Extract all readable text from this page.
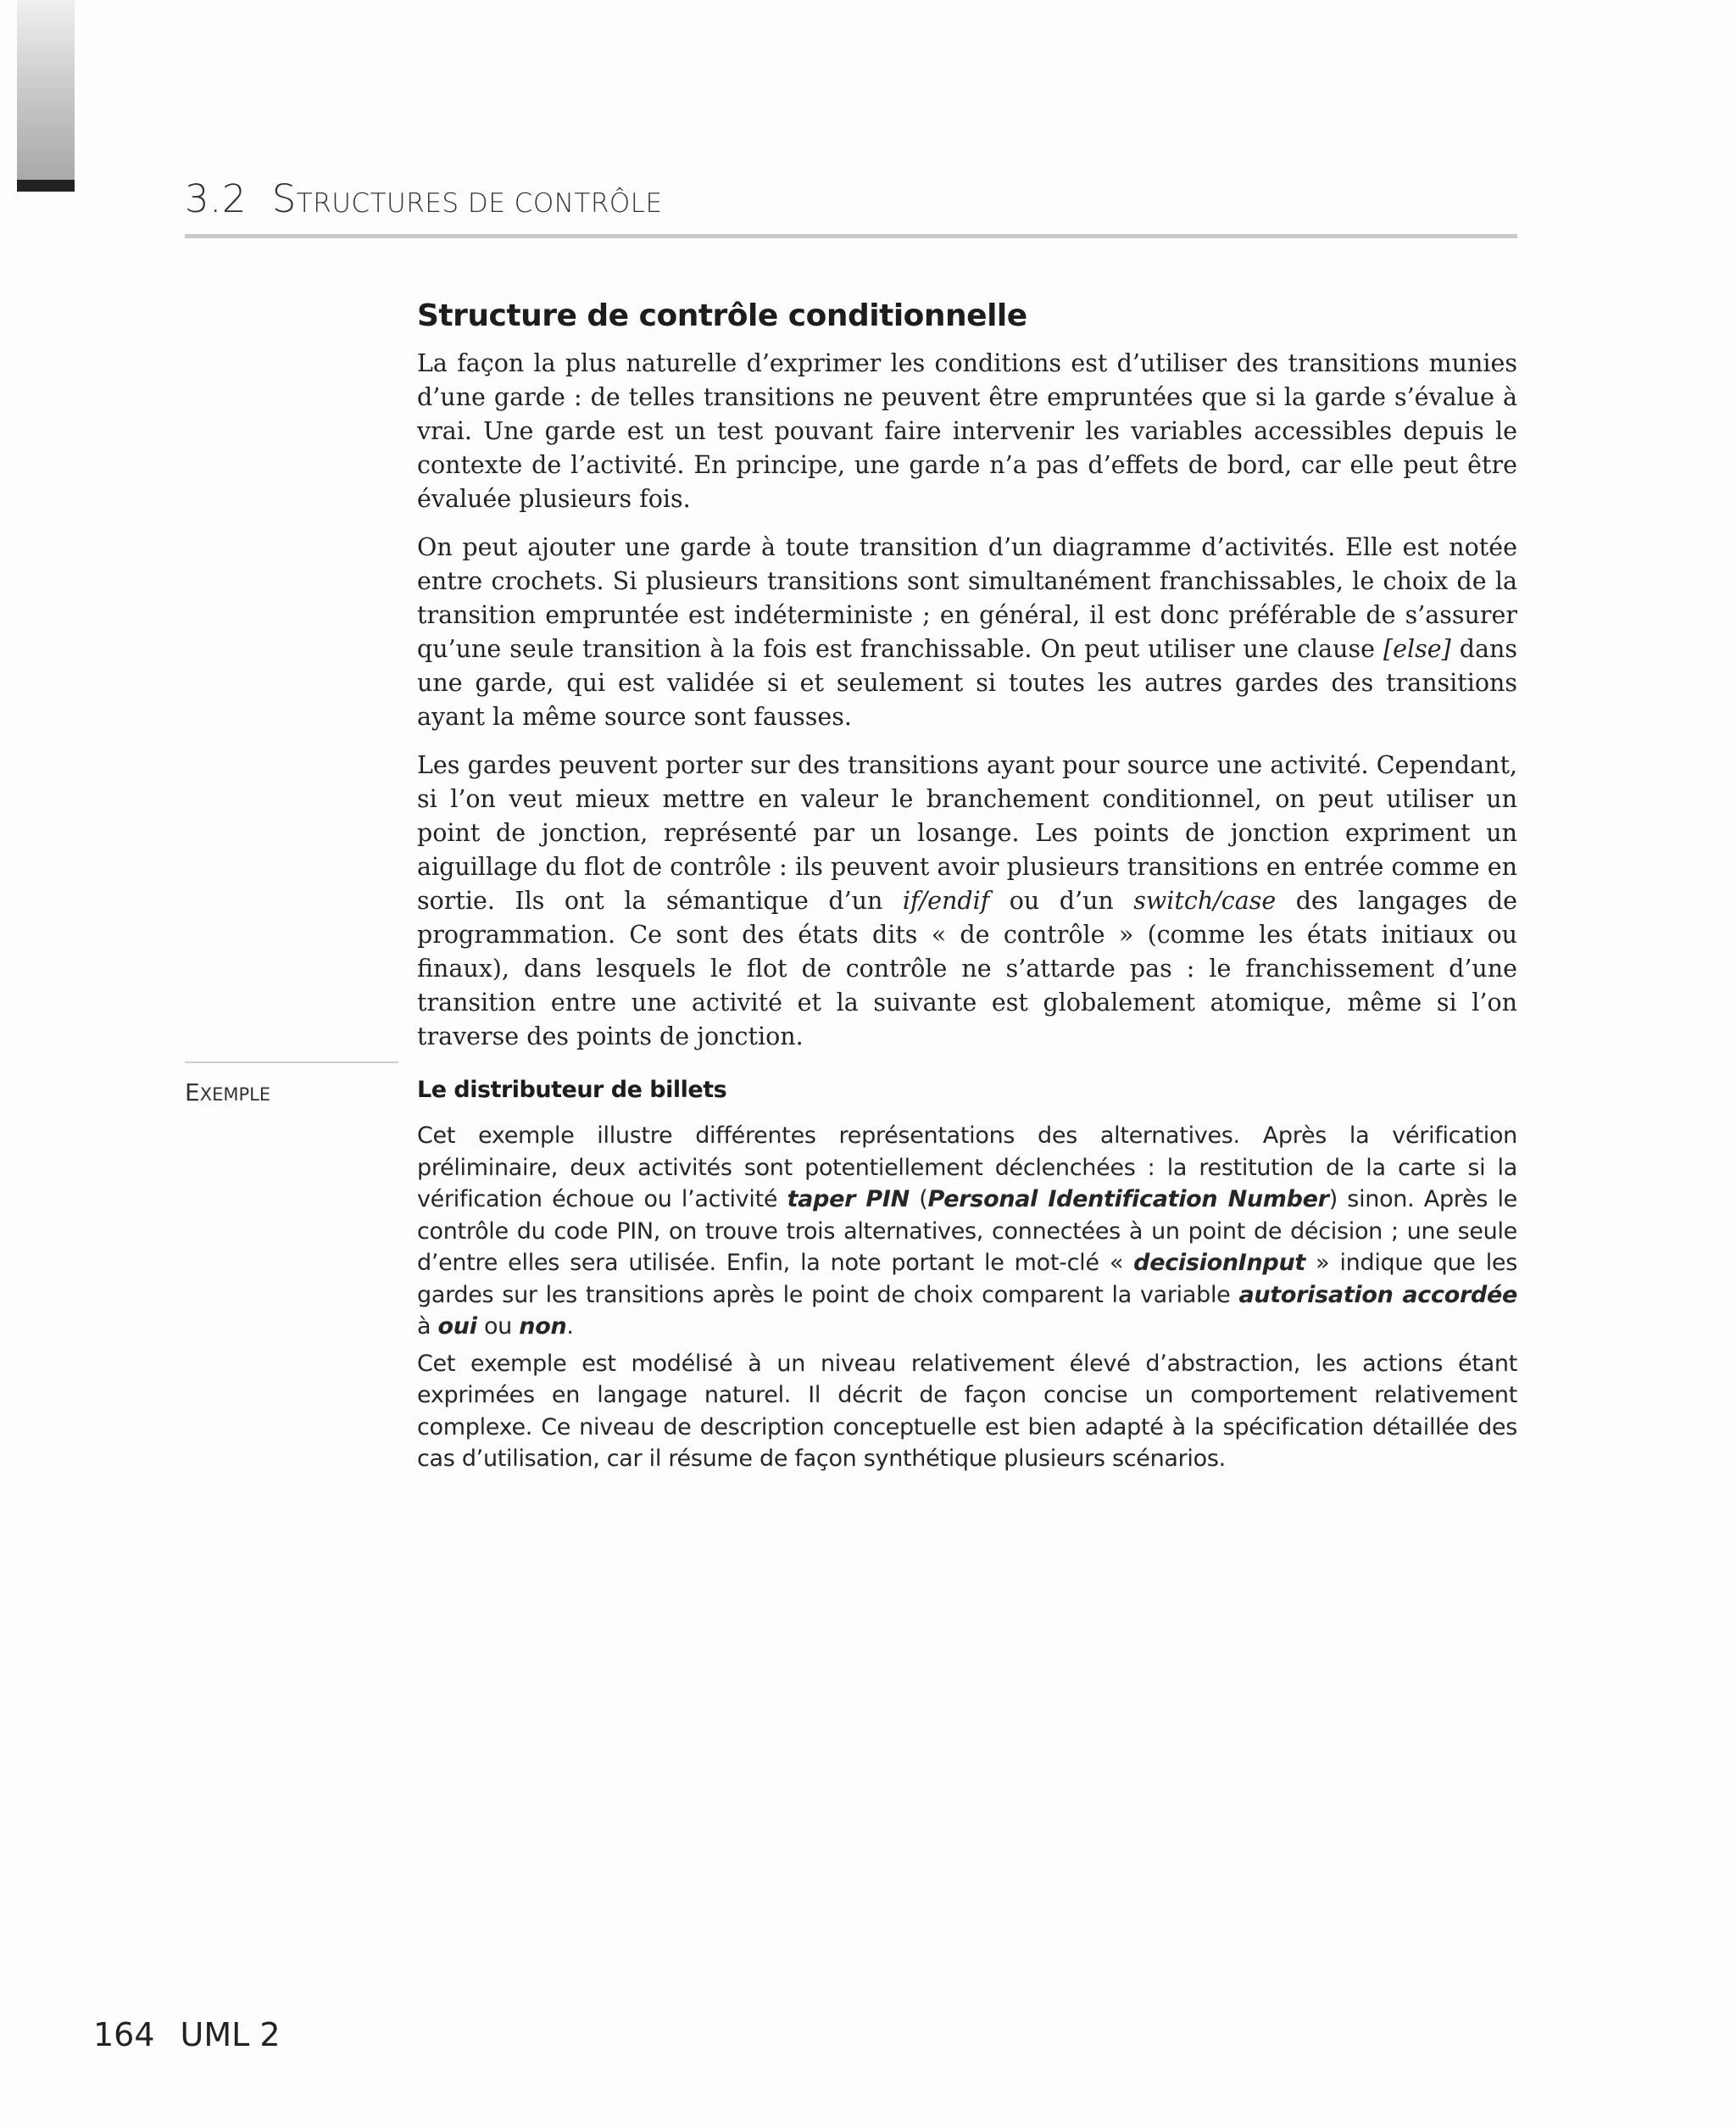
3.2 STRUCTURES DE CONTRÔLE
Structure de contrôle conditionnelle

La façon la plus naturelle d’exprimer les conditions est d’utiliser des transitions munies d’une garde : de telles transitions ne peuvent être empruntées que si la garde s’évalue à vrai. Une garde est un test pouvant faire intervenir les variables accessibles depuis le contexte de l’activité. En principe, une garde n’a pas d’effets de bord, car elle peut être évaluée plusieurs fois.

On peut ajouter une garde à toute transition d’un diagramme d’activités. Elle est notée entre crochets. Si plusieurs transitions sont simultanément franchissables, le choix de la transition empruntée est indéterministe ; en général, il est donc préférable de s’assurer qu’une seule transition à la fois est franchissable. On peut utiliser une clause [else] dans une garde, qui est validée si et seulement si toutes les autres gardes des transitions ayant la même source sont fausses.

Les gardes peuvent porter sur des transitions ayant pour source une activité. Cependant, si l’on veut mieux mettre en valeur le branchement conditionnel, on peut utiliser un point de jonction, représenté par un losange. Les points de jonction expriment un aiguillage du flot de contrôle : ils peuvent avoir plusieurs transitions en entrée comme en sortie. Ils ont la sémantique d’un if/endif ou d’un switch/case des langages de programmation. Ce sont des états dits « de contrôle » (comme les états initiaux ou finaux), dans lesquels le flot de contrôle ne s’attarde pas : le franchissement d’une transition entre une activité et la suivante est globalement atomique, même si l’on traverse des points de jonction.

EXEMPLE	Le distributeur de billets

Cet exemple illustre différentes représentations des alternatives. Après la vérification préliminaire, deux activités sont potentiellement déclenchées : la restitution de la carte si la vérification échoue ou l’activité taper PIN (Personal Identification Number) sinon. Après le contrôle du code PIN, on trouve trois alternatives, connectées à un point de décision ; une seule d’entre elles sera utilisée. Enfin, la note portant le mot-clé « decisionInput » indique que les gardes sur les transitions après le point de choix comparent la variable autorisation accordée à oui ou non.

Cet exemple est modélisé à un niveau relativement élevé d’abstraction, les actions étant exprimées en langage naturel. Il décrit de façon concise un comportement relativement complexe. Ce niveau de description conceptuelle est bien adapté à la spécification détaillée des cas d’utilisation, car il résume de façon synthétique plusieurs scénarios.

164 UML 2
